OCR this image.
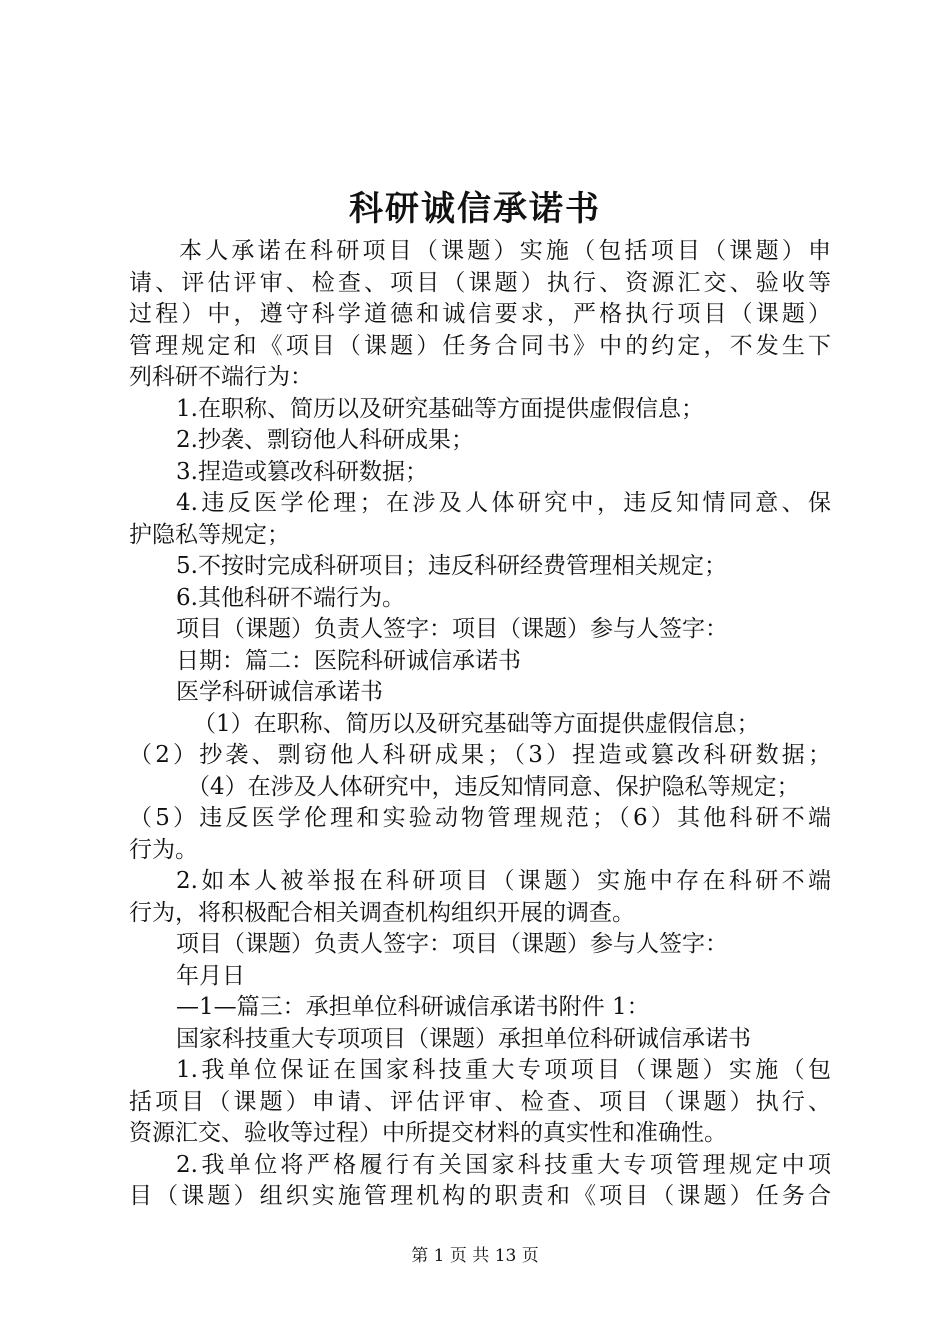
科研诚信承诺书
本人承诺在科研项目（课题）实施（包括项目（课题）申
请、评估评审、检查、项目（课题）执行、资源汇交、验收等
过程）中，遵守科学道德和诚信要求，严格执行项目（课题）
管理规定和《项目（课题）任务合同书》中的约定，不发生下
列科研不端行为：
1.在职称、简历以及研究基础等方面提供虚假信息；
2.抄袭、剽窃他人科研成果；
3.捏造或篡改科研数据；
4.违反医学伦理；在涉及人体研究中，违反知情同意、保
护隐私等规定；
5.不按时完成科研项目；违反科研经费管理相关规定；
6.其他科研不端行为。
项目（课题）负责人签字：项目（课题）参与人签字：
日期：篇二：医院科研诚信承诺书
医学科研诚信承诺书
（1）在职称、简历以及研究基础等方面提供虚假信息；
（2）抄袭、剽窃他人科研成果；（3）捏造或篡改科研数据；
（4）在涉及人体研究中，违反知情同意、保护隐私等规定；
（5）违反医学伦理和实验动物管理规范；（6）其他科研不端
行为。
2.如本人被举报在科研项目（课题）实施中存在科研不端
行为，将积极配合相关调查机构组织开展的调查。
项目（课题）负责人签字：项目（课题）参与人签字：
年月日
—1—篇三：承担单位科研诚信承诺书附件 1：
国家科技重大专项项目（课题）承担单位科研诚信承诺书
1.我单位保证在国家科技重大专项项目（课题）实施（包
括项目（课题）申请、评估评审、检查、项目（课题）执行、
资源汇交、验收等过程）中所提交材料的真实性和准确性。
2.我单位将严格履行有关国家科技重大专项管理规定中项
目（课题）组织实施管理机构的职责和《项目（课题）任务合
第 1 页 共 13 页
